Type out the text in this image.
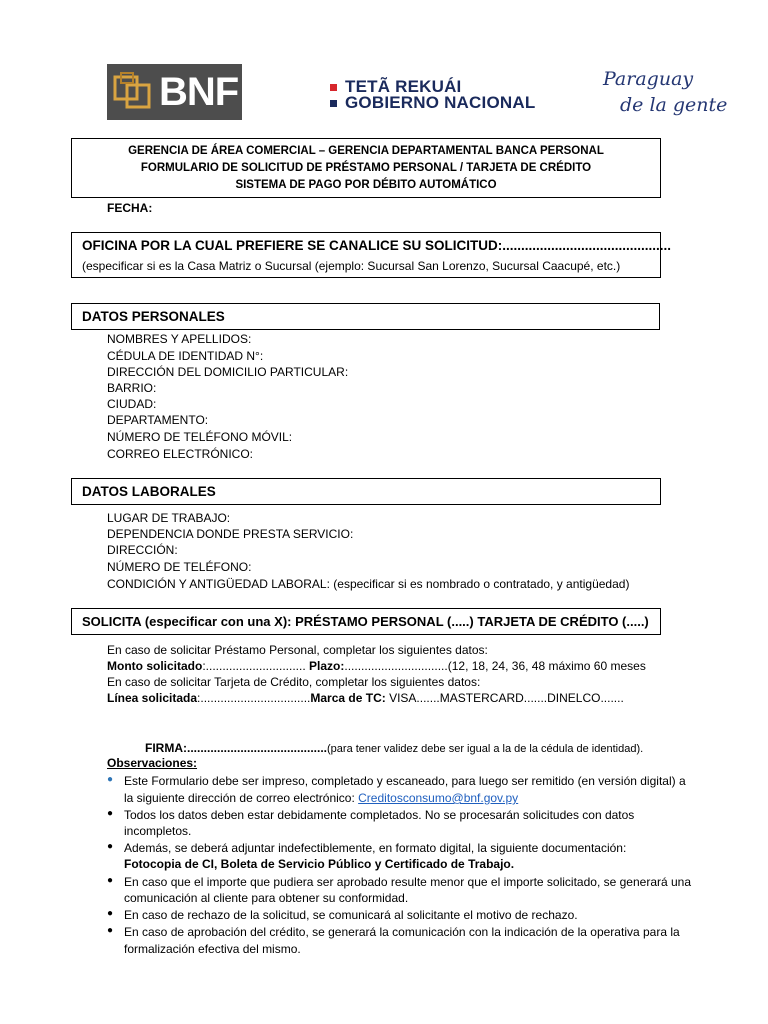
BNF	TETÃ REKUÁI
GOBIERNO NACIONAL
Paraguay
de la gente
GERENCIA DE ÁREA COMERCIAL – GERENCIA DEPARTAMENTAL BANCA PERSONAL
FORMULARIO DE SOLICITUD DE PRÉSTAMO PERSONAL / TARJETA DE CRÉDITO
SISTEMA DE PAGO POR DÉBITO AUTOMÁTICO
FECHA:
OFICINA POR LA CUAL PREFIERE SE CANALICE SU SOLICITUD:.............................................
(especificar si es la Casa Matriz o Sucursal (ejemplo: Sucursal San Lorenzo, Sucursal Caacupé, etc.)
DATOS PERSONALES
NOMBRES Y APELLIDOS:
CÉDULA DE IDENTIDAD N°:
DIRECCIÓN DEL DOMICILIO PARTICULAR:
BARRIO:
CIUDAD:
DEPARTAMENTO:
NÚMERO DE TELÉFONO MÓVIL:
CORREO ELECTRÓNICO:
DATOS LABORALES
LUGAR DE TRABAJO:
DEPENDENCIA DONDE PRESTA SERVICIO:
DIRECCIÓN:
NÚMERO DE TELÉFONO:
CONDICIÓN Y ANTIGÜEDAD LABORAL: (especificar si es nombrado o contratado, y antigüedad)
SOLICITA (especificar con una X): PRÉSTAMO PERSONAL (.....) TARJETA DE CRÉDITO (.....)
En caso de solicitar Préstamo Personal, completar los siguientes datos:
Monto solicitado:.............................. Plazo:...............................(12, 18, 24, 36, 48 máximo 60 meses
En caso de solicitar Tarjeta de Crédito, completar los siguientes datos:
Línea solicitada:.................................Marca de TC: VISA.......MASTERCARD.......DINELCO.......
FIRMA:..........................................(para tener validez debe ser igual a la de la cédula de identidad).
Observaciones:
● Este Formulario debe ser impreso, completado y escaneado, para luego ser remitido (en versión digital) a
la siguiente dirección de correo electrónico: Creditosconsumo@bnf.gov.py
● Todos los datos deben estar debidamente completados. No se procesarán solicitudes con datos
incompletos.
● Además, se deberá adjuntar indefectiblemente, en formato digital, la siguiente documentación:
Fotocopia de CI, Boleta de Servicio Público y Certificado de Trabajo.
● En caso que el importe que pudiera ser aprobado resulte menor que el importe solicitado, se generará una
comunicación al cliente para obtener su conformidad.
● En caso de rechazo de la solicitud, se comunicará al solicitante el motivo de rechazo.
● En caso de aprobación del crédito, se generará la comunicación con la indicación de la operativa para la
formalización efectiva del mismo.
